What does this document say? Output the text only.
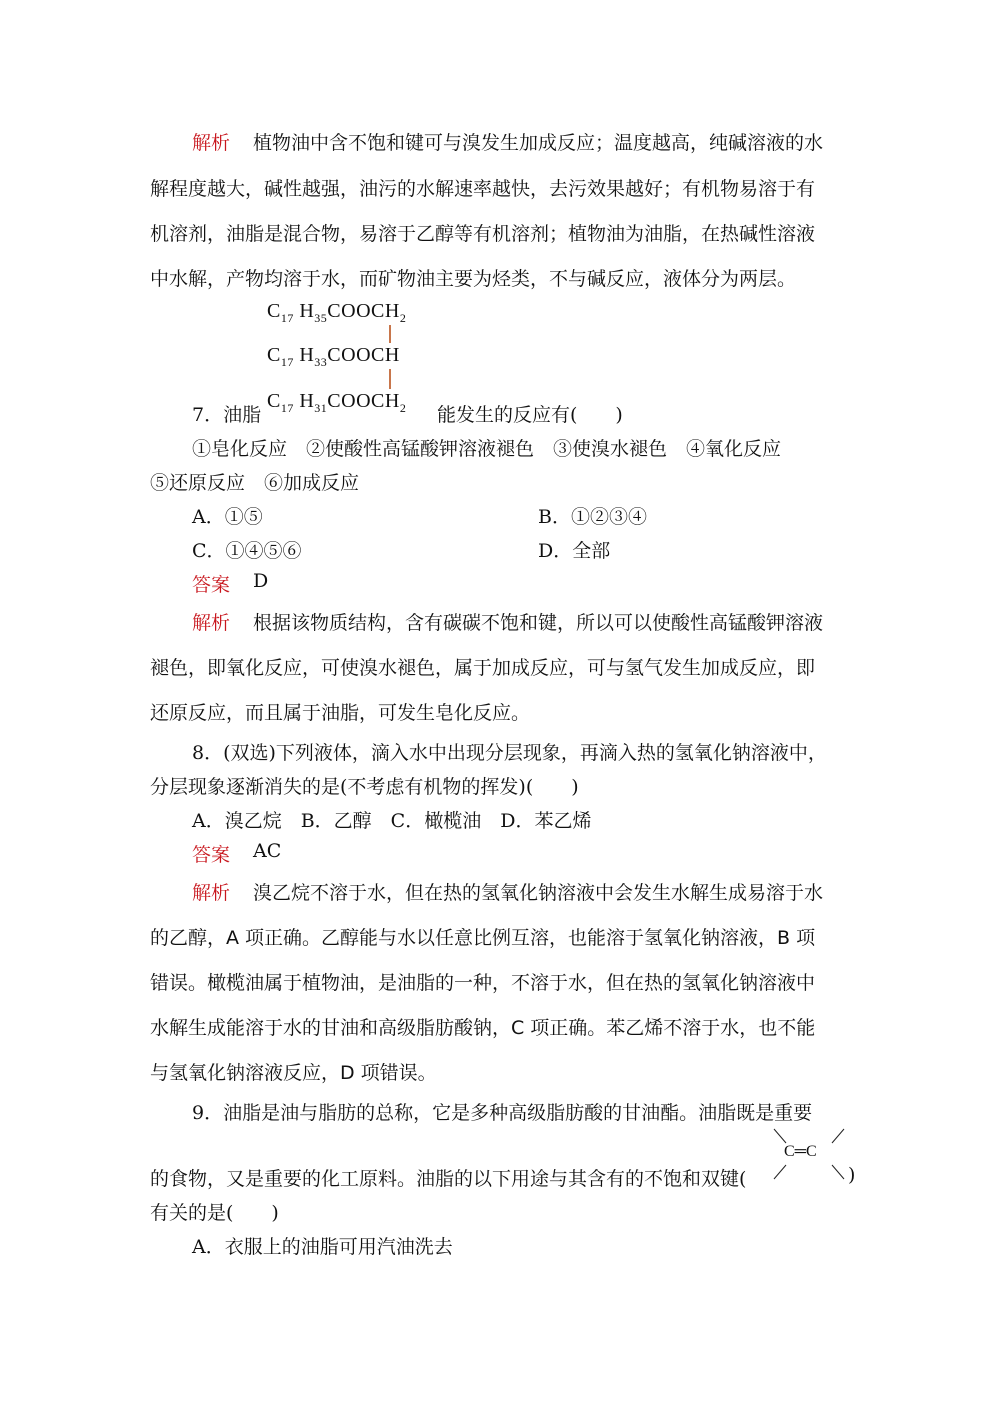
解析 植物油中含不饱和键可与溴发生加成反应；温度越高，纯碱溶液的水
解程度越大，碱性越强，油污的水解速率越快，去污效果越好；有机物易溶于有
机溶剂，油脂是混合物，易溶于乙醇等有机溶剂；植物油为油脂，在热碱性溶液
中水解，产物均溶于水，而矿物油主要为烃类，不与碱反应，液体分为两层。
$C_{17}$ $H_{35}COOCH_2$
$C_{17}$ $H_{33}COOCH$
$C_{17}$ $H_{31}COOCH_2$
7．油脂	能发生的反应有(　　)
①皂化反应　②使酸性高锰酸钾溶液褪色　③使溴水褪色　④氧化反应
⑤还原反应　⑥加成反应
A．①⑤	B．①②③④
C．①④⑤⑥	D．全部
答案 D
解析 根据该物质结构，含有碳碳不饱和键，所以可以使酸性高锰酸钾溶液
褪色，即氧化反应，可使溴水褪色，属于加成反应，可与氢气发生加成反应，即
还原反应，而且属于油脂，可发生皂化反应。
8．(双选)下列液体，滴入水中出现分层现象，再滴入热的氢氧化钠溶液中，
分层现象逐渐消失的是(不考虑有机物的挥发)(　　)
A．溴乙烷　B．乙醇　C．橄榄油　D．苯乙烯
答案 AC
解析 溴乙烷不溶于水，但在热的氢氧化钠溶液中会发生水解生成易溶于水
的乙醇，A 项正确。乙醇能与水以任意比例互溶，也能溶于氢氧化钠溶液，B 项
错误。橄榄油属于植物油，是油脂的一种，不溶于水，但在热的氢氧化钠溶液中
水解生成能溶于水的甘油和高级脂肪酸钠，C 项正确。苯乙烯不溶于水，也不能
与氢氧化钠溶液反应，D 项错误。
9．油脂是油与脂肪的总称，它是多种高级脂肪酸的甘油酯。油脂既是重要
的食物，又是重要的化工原料。油脂的以下用途与其含有的不饱和双键(
C═C
)
有关的是(　　)
A．衣服上的油脂可用汽油洗去
